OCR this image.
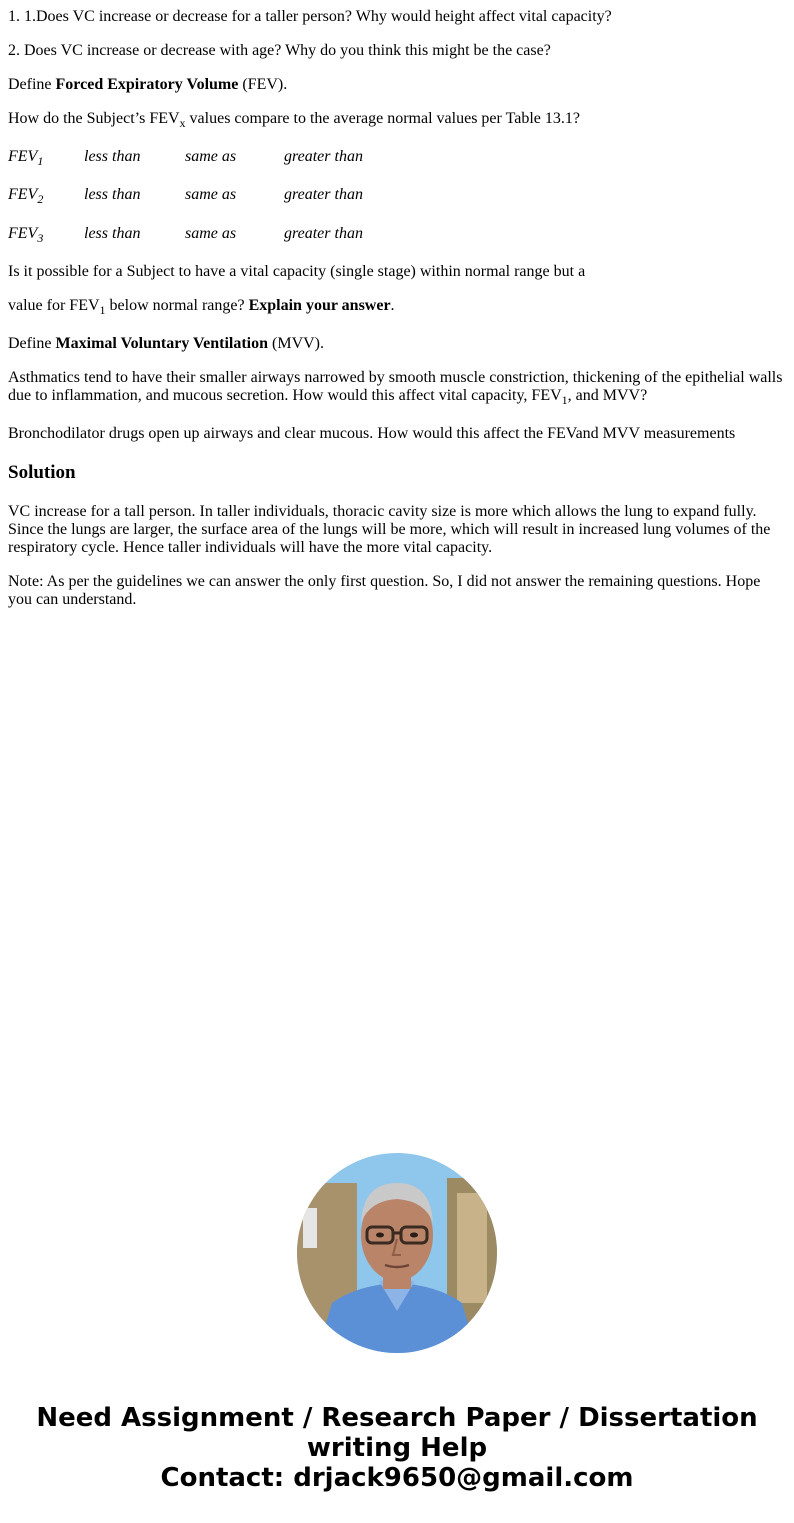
1. 1.Does VC increase or decrease for a taller person? Why would height affect vital capacity?

2. Does VC increase or decrease with age? Why do you think this might be the case?

Define Forced Expiratory Volume (FEV).

How do the Subject’s $FEV_x$ values compare to the average normal values per Table 13.1?

$FEV_1$	less than	same as	greater than
$FEV_2$	less than	same as	greater than
$FEV_3$	less than	same as	greater than

Is it possible for a Subject to have a vital capacity (single stage) within normal range but a

value for $FEV_1$ below normal range? Explain your answer.

Define Maximal Voluntary Ventilation (MVV).

Asthmatics tend to have their smaller airways narrowed by smooth muscle constriction, thickening of the epithelial walls due to inflammation, and mucous secretion. How would this affect vital capacity, $FEV_1$, and MVV?

Bronchodilator drugs open up airways and clear mucous. How would this affect the FEVand MVV measurements

Solution

VC increase for a tall person. In taller individuals, thoracic cavity size is more which allows the lung to expand fully. Since the lungs are larger, the surface area of the lungs will be more, which will result in increased lung volumes of the respiratory cycle. Hence taller individuals will have the more vital capacity.

Note: As per the guidelines we can answer the only first question. So, I did not answer the remaining questions. Hope you can understand.

Need Assignment / Research Paper / Dissertation
writing Help
Contact: drjack9650@gmail.com
